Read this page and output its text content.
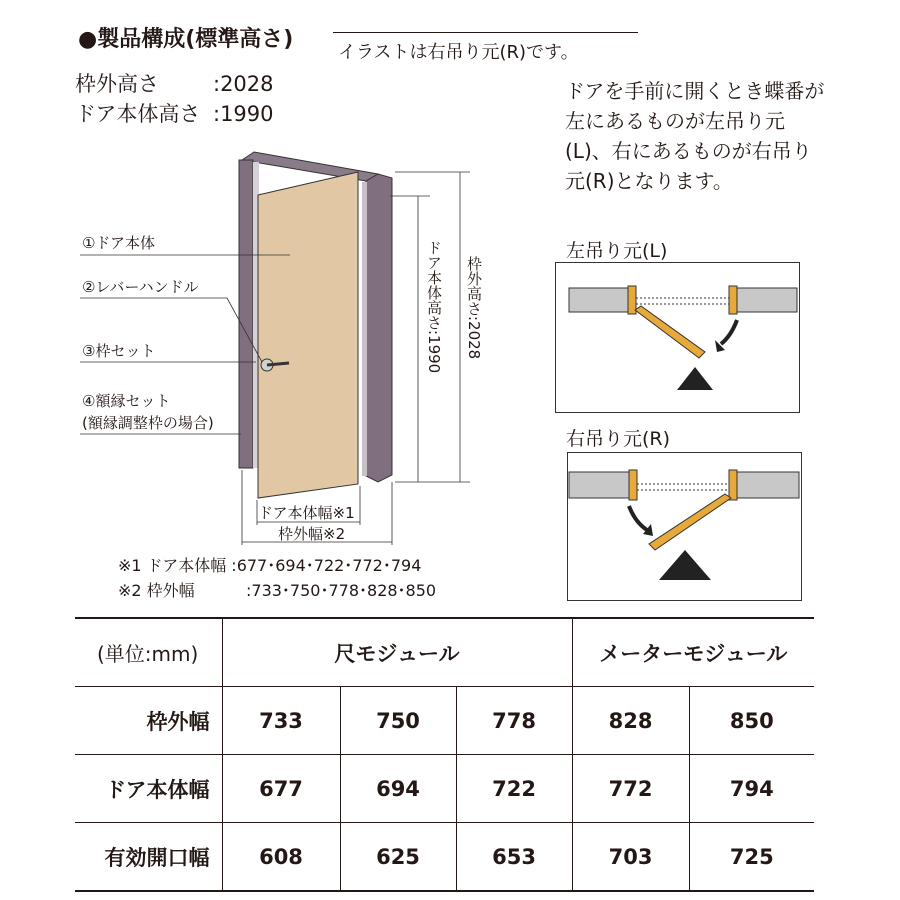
●製品構成(標準高さ)
イラストは右吊り元(R)です。
枠外高さ	:2028
ドア本体高さ :1990
ドアを手前に開くとき蝶番が左にあるものが左吊り元(L)、右にあるものが右吊り元(R)となります。
①ドア本体
②レバーハンドル
③枠セット
④額縁セット
(額縁調整枠の場合)
ドア本体高さ:1990 枠外高さ:2028
ドア本体幅※1
枠外幅※2
※1 ドア本体幅 :677･694･722･772･794
※2 枠外幅	:733･750･778･828･850
左吊り元(L)
右吊り元(R)
(単位:mm)	尺モジュール			メーターモジュール	
枠外幅	733	750	778	828	850
ドア本体幅	677	694	722	772	794
有効開口幅	608	625	653	703	725
